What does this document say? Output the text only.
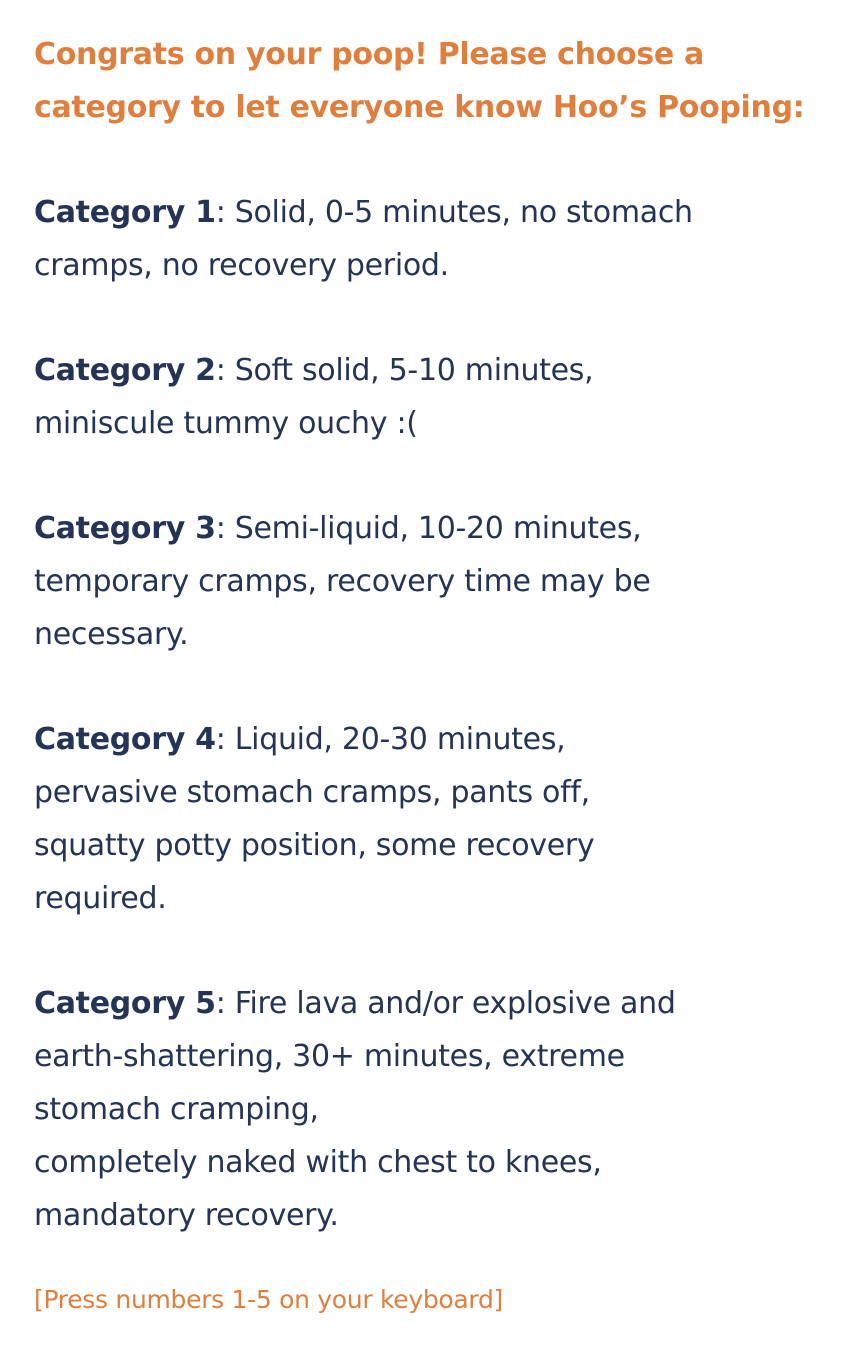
Congrats on your poop! Please choose a
category to let everyone know Hoo’s Pooping:

Category 1: Solid, 0-5 minutes, no stomach
cramps, no recovery period.

Category 2: Soft solid, 5-10 minutes,
miniscule tummy ouchy :(

Category 3: Semi-liquid, 10-20 minutes,
temporary cramps, recovery time may be
necessary.

Category 4: Liquid, 20-30 minutes,
pervasive stomach cramps, pants off,
squatty potty position, some recovery
required.

Category 5: Fire lava and/or explosive and
earth-shattering, 30+ minutes, extreme
stomach cramping,
completely naked with chest to knees,
mandatory recovery.

[Press numbers 1-5 on your keyboard]
